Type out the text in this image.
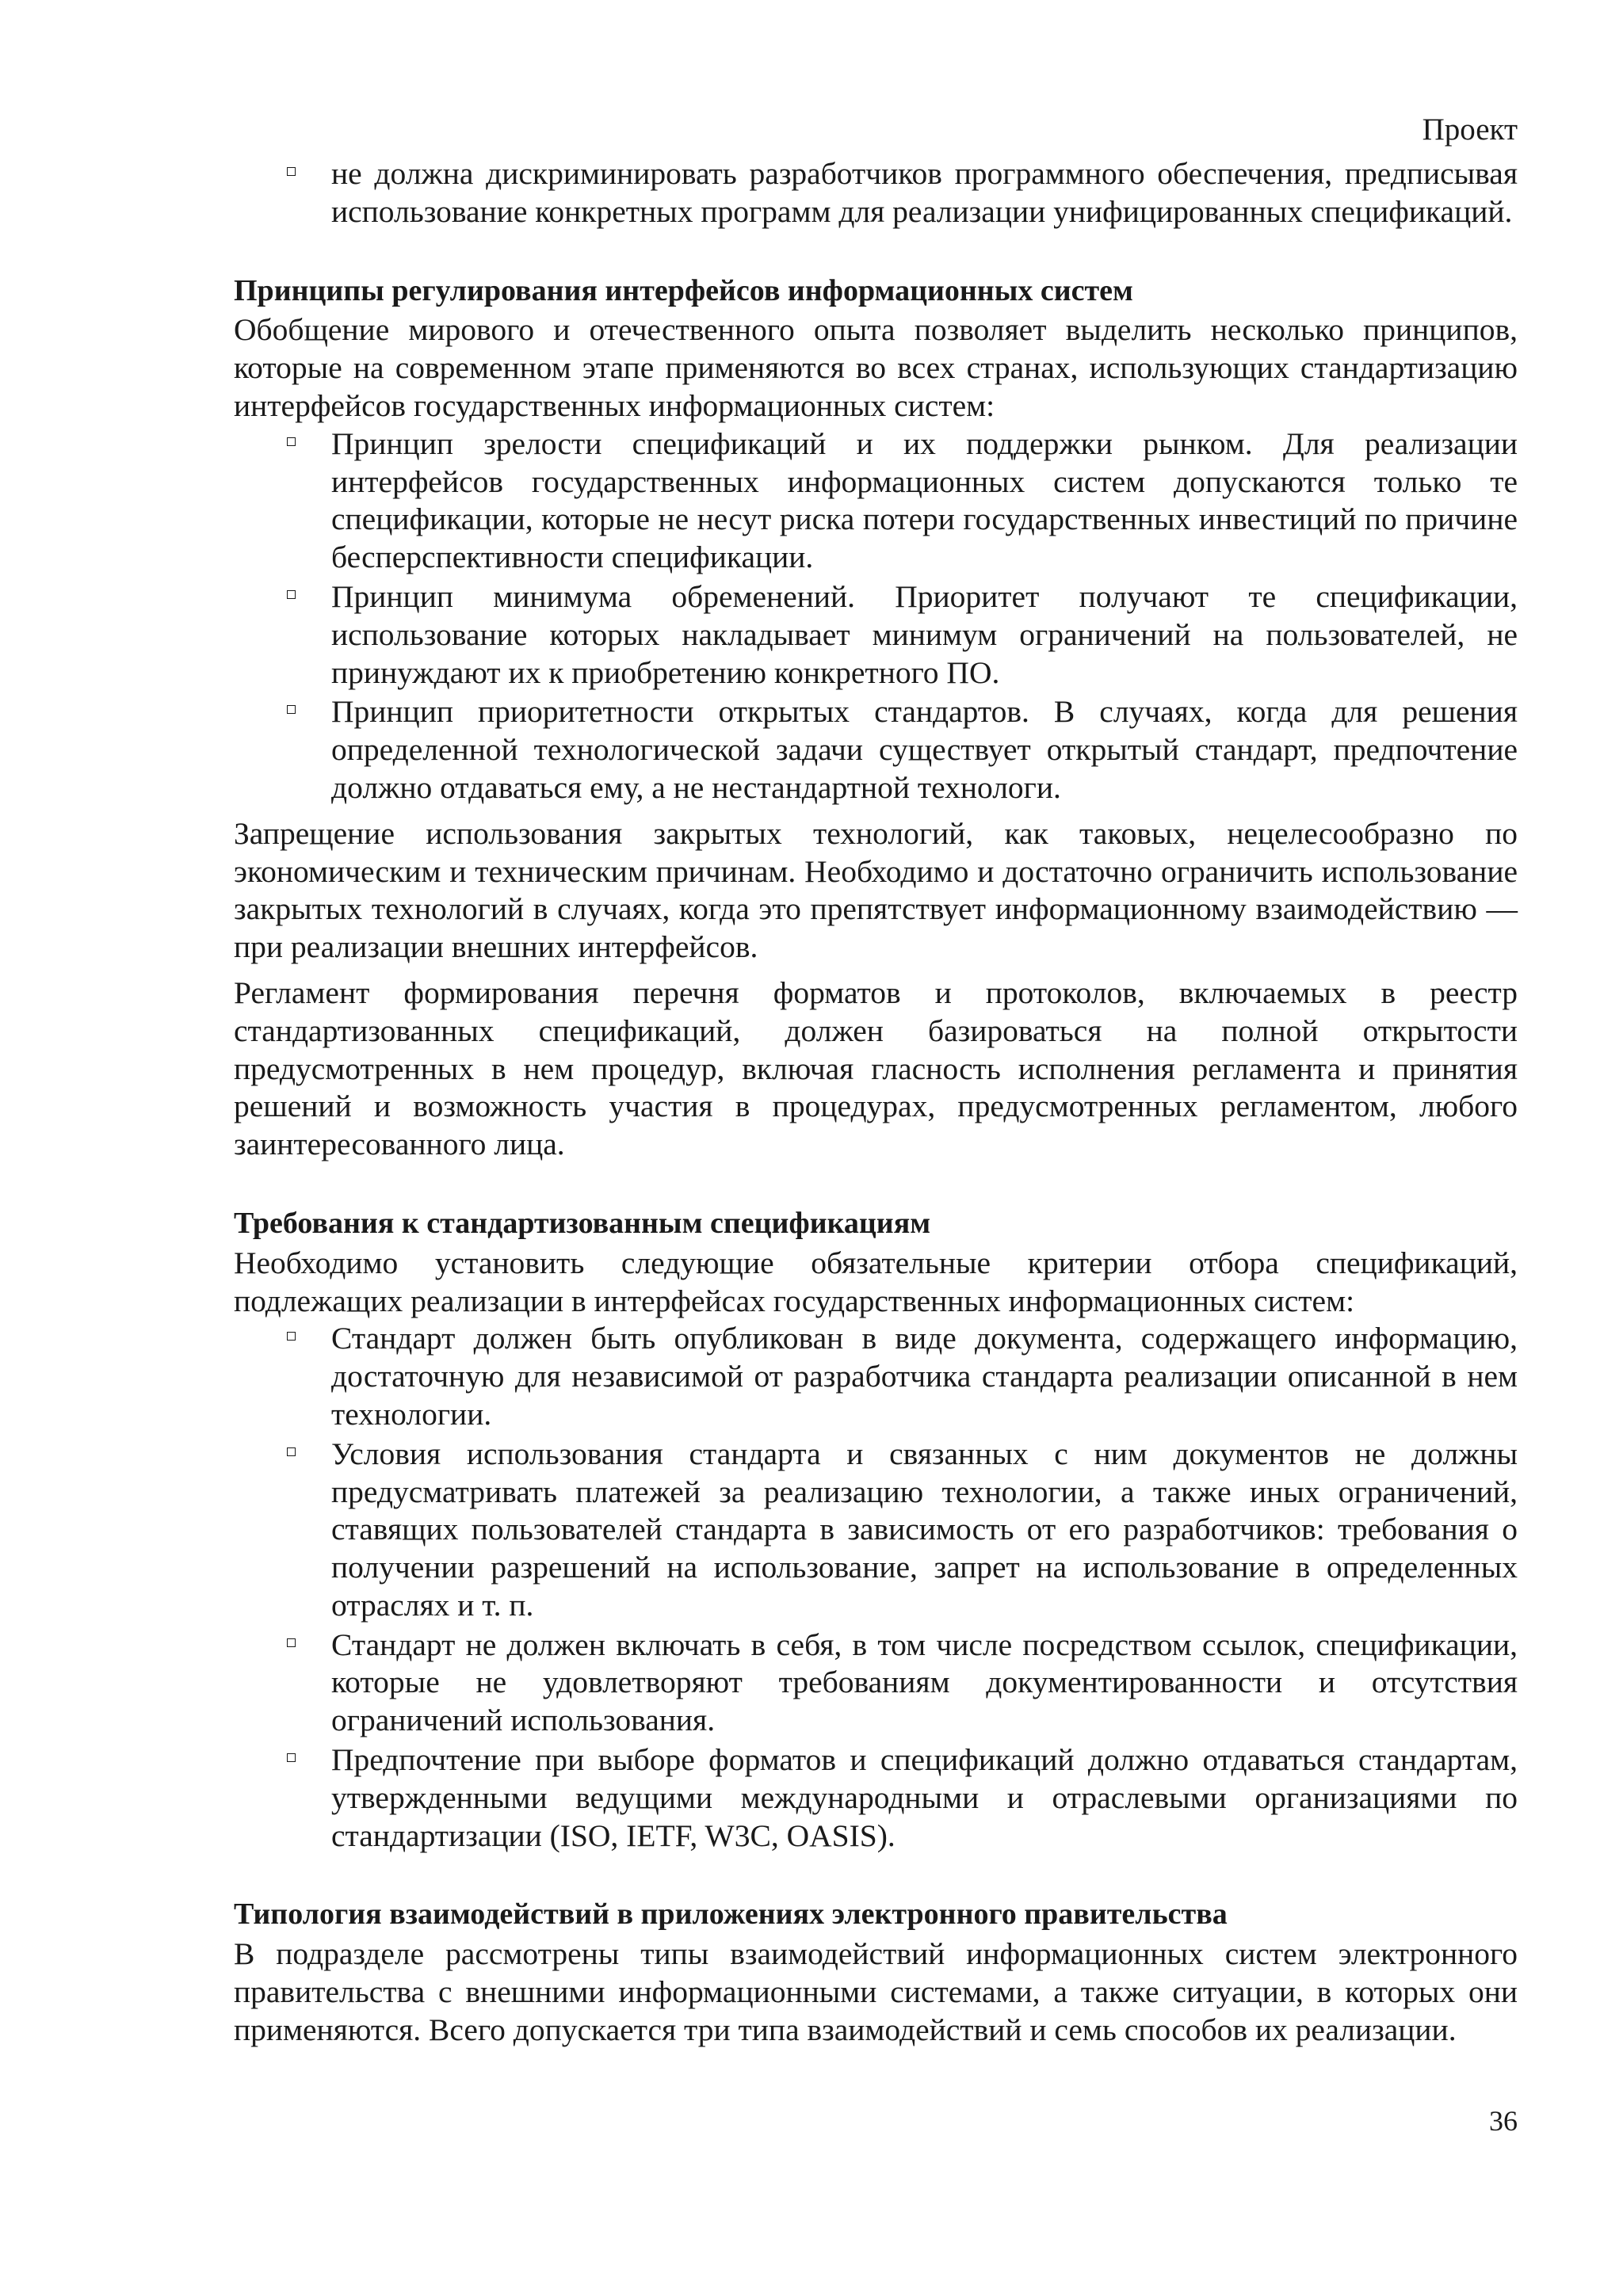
Проект
не должна дискриминировать разработчиков программного обеспечения, предписывая использование конкретных программ для реализации унифицированных спецификаций.
Принципы регулирования интерфейсов информационных систем

Обобщение мирового и отечественного опыта позволяет выделить несколько принципов, которые на современном этапе применяются во всех странах, использующих стандартизацию интерфейсов государственных информационных систем:

Принцип зрелости спецификаций и их поддержки рынком. Для реализации интерфейсов государственных информационных систем допускаются только те спецификации, которые не несут риска потери государственных инвестиций по причине бесперспективности спецификации.
Принцип минимума обременений. Приоритет получают те спецификации, использование которых накладывает минимум ограничений на пользователей, не принуждают их к приобретению конкретного ПО.
Принцип приоритетности открытых стандартов. В случаях, когда для решения определенной технологической задачи существует открытый стандарт, предпочтение должно отдаваться ему, а не нестандартной технологи.

Запрещение использования закрытых технологий, как таковых, нецелесообразно по экономическим и техническим причинам. Необходимо и достаточно ограничить использование закрытых технологий в случаях, когда это препятствует информационному взаимодействию — при реализации внешних интерфейсов.

Регламент формирования перечня форматов и протоколов, включаемых в реестр стандартизованных спецификаций, должен базироваться на полной открытости предусмотренных в нем процедур, включая гласность исполнения регламента и принятия решений и возможность участия в процедурах, предусмотренных регламентом, любого заинтересованного лица.

Требования к стандартизованным спецификациям

Необходимо установить следующие обязательные критерии отбора спецификаций, подлежащих реализации в интерфейсах государственных информационных систем:

Стандарт должен быть опубликован в виде документа, содержащего информацию, достаточную для независимой от разработчика стандарта реализации описанной в нем технологии.
Условия использования стандарта и связанных с ним документов не должны предусматривать платежей за реализацию технологии, а также иных ограничений, ставящих пользователей стандарта в зависимость от его разработчиков: требования о получении разрешений на использование, запрет на использование в определенных отраслях и т. п.
Стандарт не должен включать в себя, в том числе посредством ссылок, спецификации, которые не удовлетворяют требованиям документированности и отсутствия ограничений использования.
Предпочтение при выборе форматов и спецификаций должно отдаваться стандартам, утвержденными ведущими международными и отраслевыми организациями по стандартизации (ISO, IETF, W3C, OASIS).
Типология взаимодействий в приложениях электронного правительства

В подразделе рассмотрены типы взаимодействий информационных систем электронного правительства с внешними информационными системами, а также ситуации, в которых они применяются. Всего допускается три типа взаимодействий и семь способов их реализации.

36
